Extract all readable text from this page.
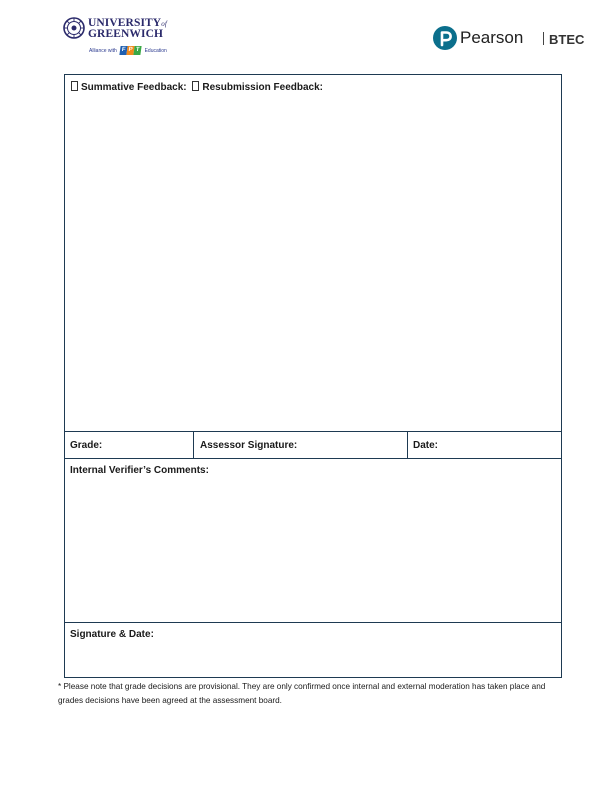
UNIVERSITYof
GREENWICH
Alliance with F P T Education
Pearson BTEC
Summative Feedback: Resubmission Feedback:
Grade:	Assessor Signature:	Date:
Internal Verifier’s Comments:
Signature & Date:
* Please note that grade decisions are provisional. They are only confirmed once internal and external moderation has taken place and grades decisions have been agreed at the assessment board.
